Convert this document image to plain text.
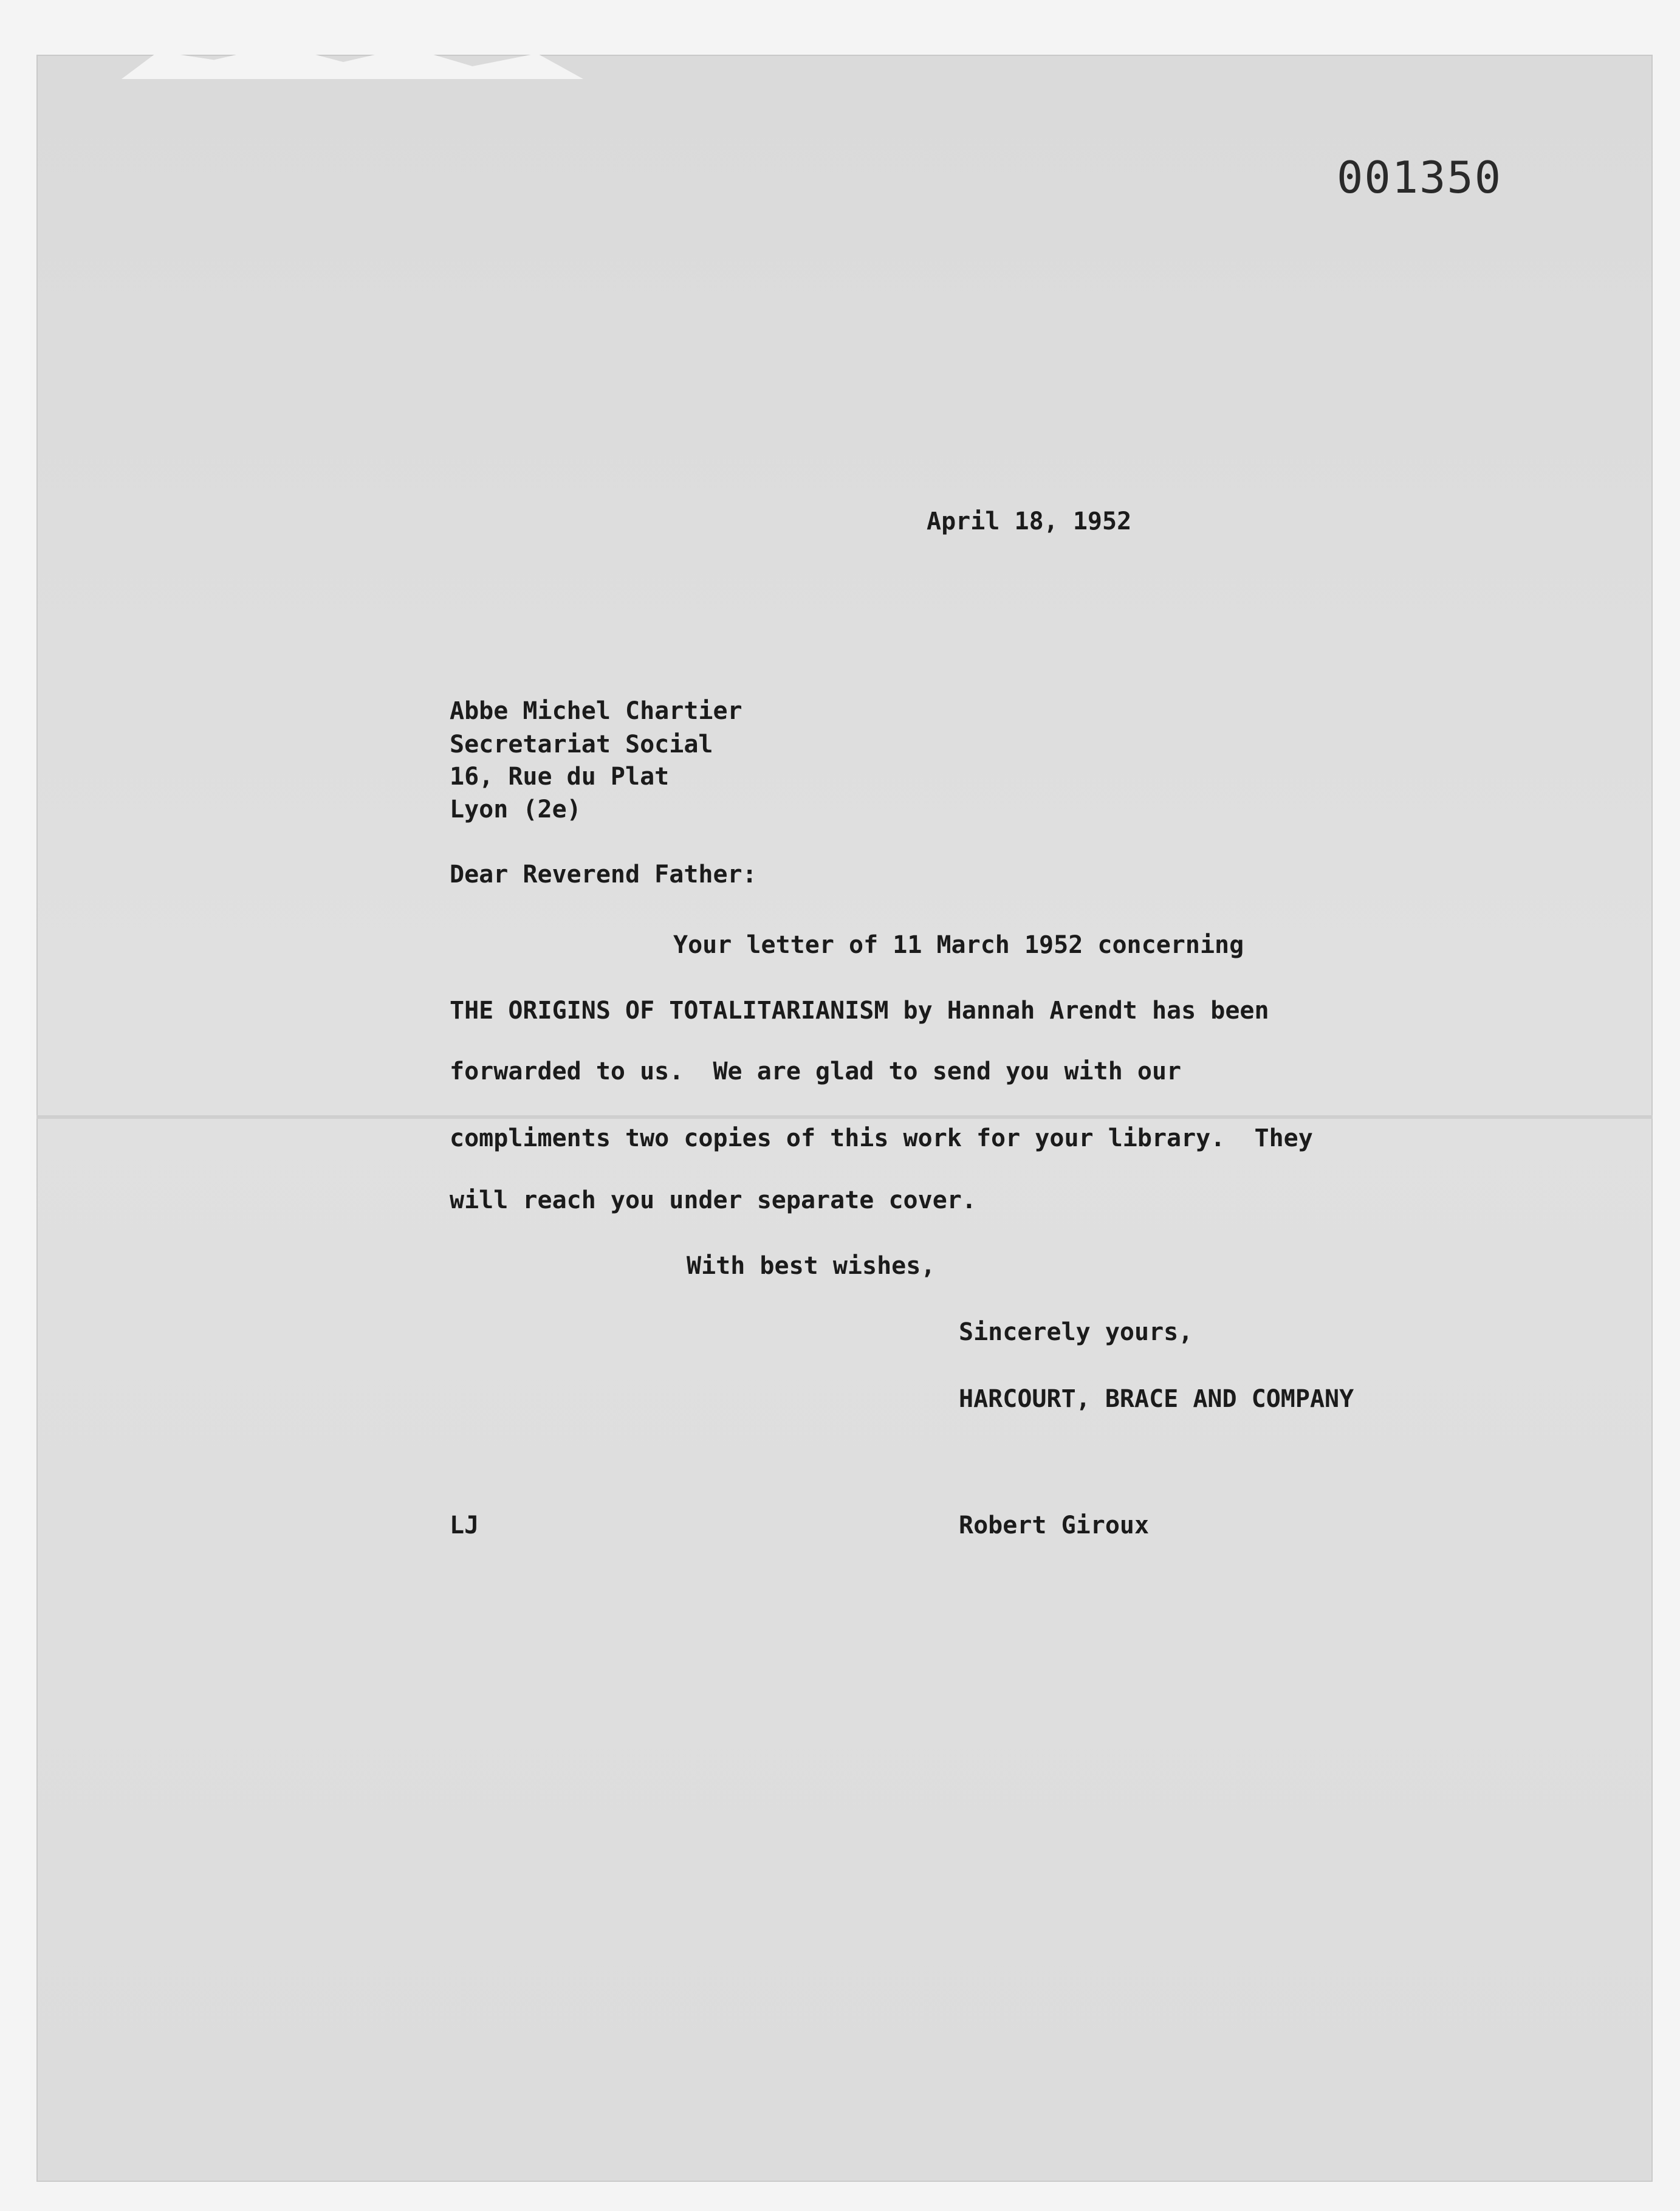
001350
April 18, 1952
Abbe Michel Chartier
Secretariat Social
16, Rue du Plat
Lyon (2e)
Dear Reverend Father:
Your letter of 11 March 1952 concerning
THE ORIGINS OF TOTALITARIANISM by Hannah Arendt has been
forwarded to us.  We are glad to send you with our
compliments two copies of this work for your library.  They
will reach you under separate cover.
With best wishes,
Sincerely yours,
HARCOURT, BRACE AND COMPANY
LJ	Robert Giroux
